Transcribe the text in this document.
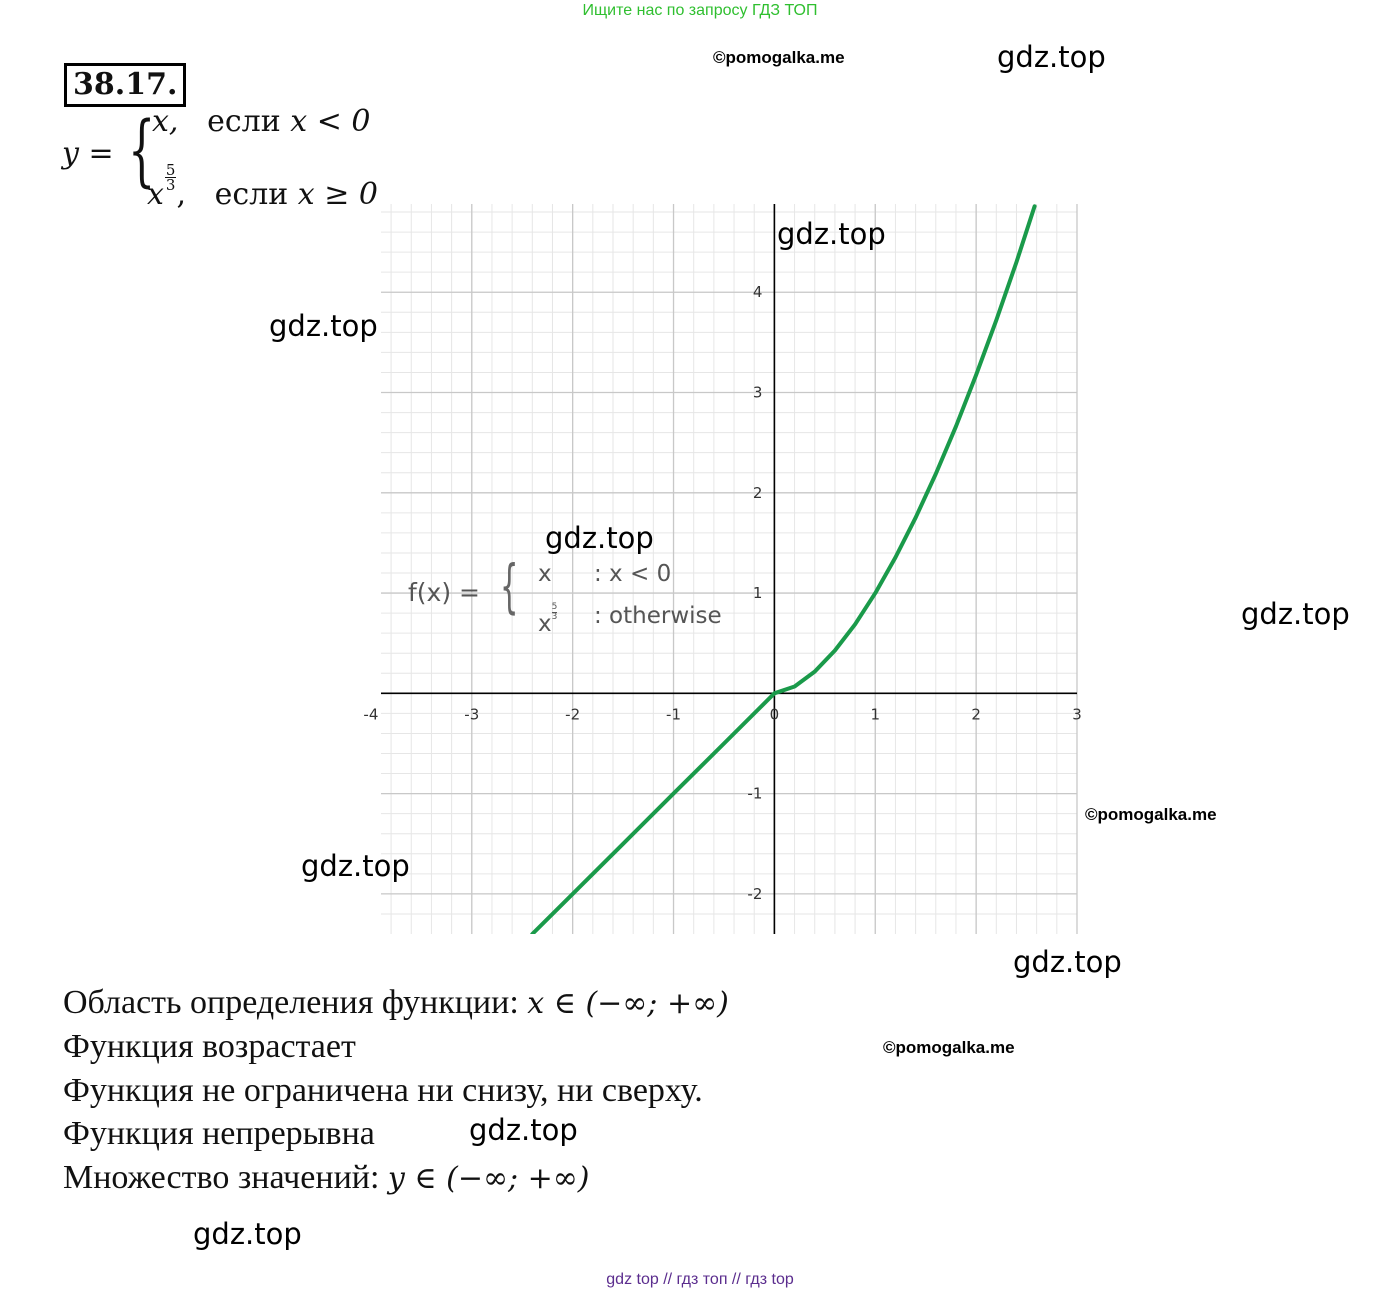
Ищите нас по запросу ГДЗ ТОП
38.17.
y = {
x, если x < 0
x $\frac{5}{3}$ , если x ≥ 0
-4	-3	-2	-1	0	1	2	3
-2
-1
1
2
3
4
f(x) = { x : x < 0
x $\frac{5}{3}$ : otherwise
Область определения функции: x ∈ (−∞; +∞)
Функция возрастает
Функция не ограничена ни снизу, ни сверху.
Функция непрерывна
Множество значений: y ∈ (−∞; +∞)
gdz.top
gdz.top
gdz.top
gdz.top
gdz.top
gdz.top
gdz.top
gdz.top
gdz.top
©pomogalka.me
©pomogalka.me
©pomogalka.me
gdz top // гдз топ // гдз top
